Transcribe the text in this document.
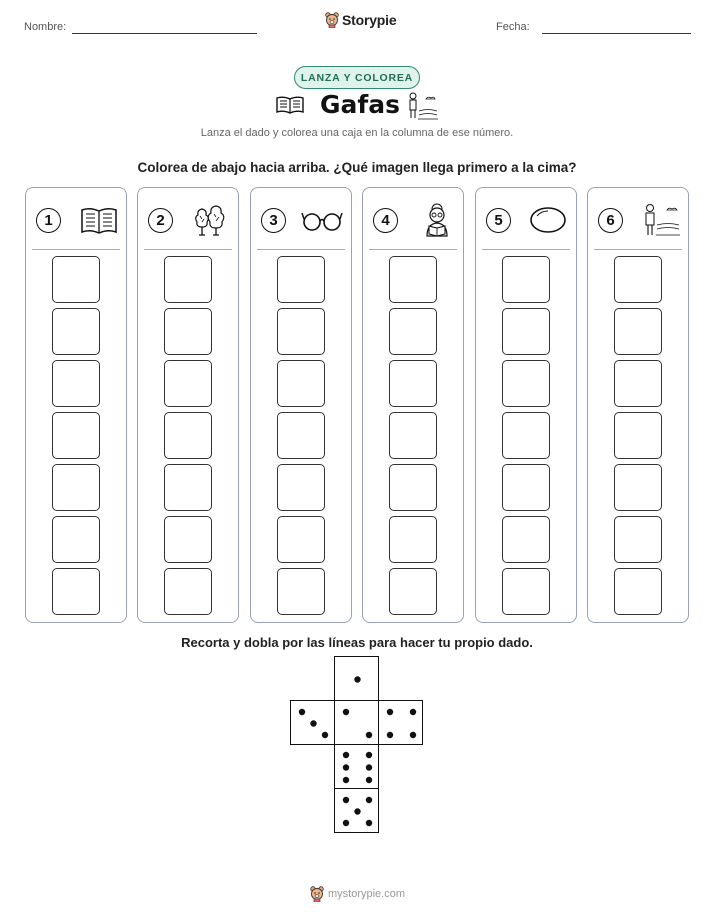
Nombre:	Storypie	Fecha:
LANZA Y COLOREA
Gafas
Lanza el dado y colorea una caja en la columna de ese número.
Colorea de abajo hacia arriba. ¿Qué imagen llega primero a la cima?
1	2	3	4	5	6
Recorta y dobla por las líneas para hacer tu propio dado.
mystorypie.com
